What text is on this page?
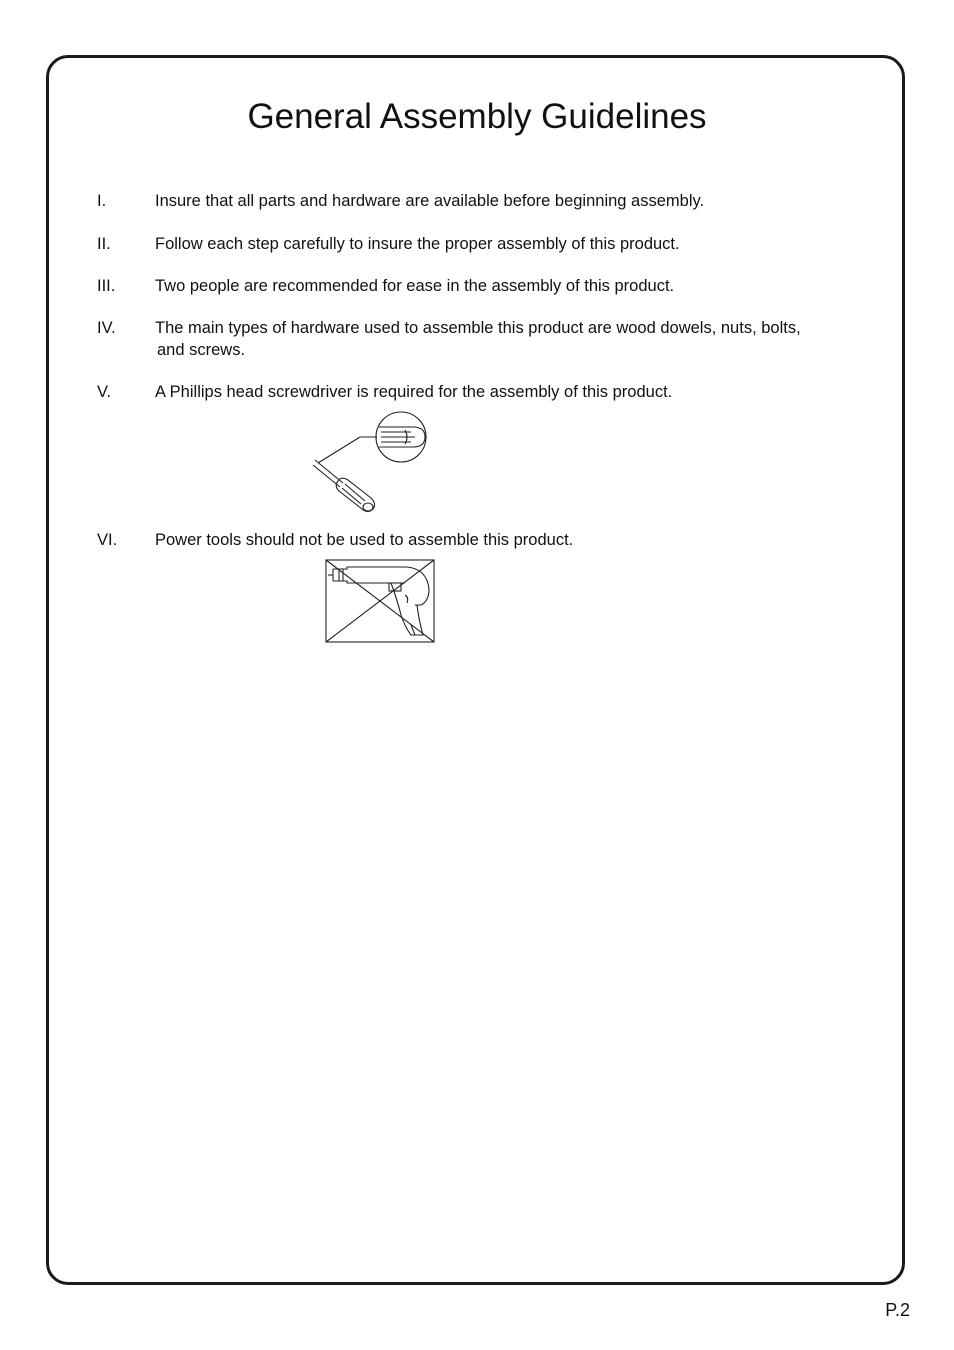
General Assembly Guidelines
I.	Insure that all parts and hardware are available before beginning assembly.
II.	Follow each step carefully to insure the proper assembly of this product.
III. Two people are recommended for ease in the assembly of this product.
IV. The main types of hardware used to assemble this product are wood dowels, nuts, bolts,
and screws.
V.	A Phillips head screwdriver is required for the assembly of this product.
VI. Power tools should not be used to assemble this product.
P.2
